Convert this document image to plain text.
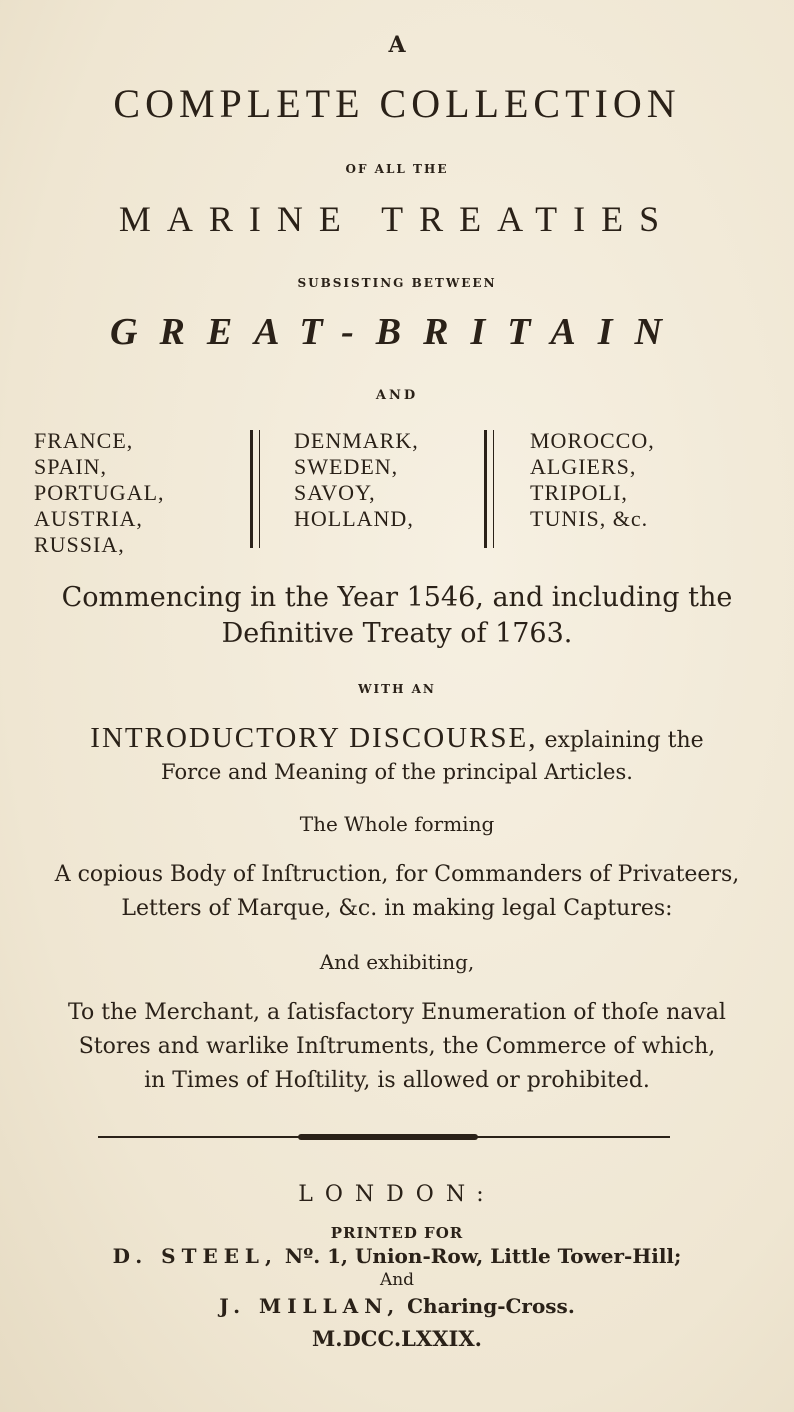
A
COMPLETE COLLECTION
OF ALL THE
MARINE TREATIES
SUBSISTING BETWEEN
GREAT-BRITAIN
AND
FRANCE,
SPAIN,
PORTUGAL,
AUSTRIA,
RUSSIA,
DENMARK,
SWEDEN,
SAVOY,
HOLLAND,
MOROCCO,
ALGIERS,
TRIPOLI,
TUNIS, &c.
Commencing in the Year 1546, and including the
Definitive Treaty of 1763.
WITH AN
INTRODUCTORY DISCOURSE, explaining the
Force and Meaning of the principal Articles.
The Whole forming
A copious Body of Inſtruction, for Commanders of Privateers,
Letters of Marque, &c. in making legal Captures:
And exhibiting,
To the Merchant, a ſatisfactory Enumeration of thoſe naval
Stores and warlike Inſtruments, the Commerce of which,
in Times of Hoſtility, is allowed or prohibited.
LONDON:
PRINTED FOR
D. STEEL, Nº. 1, Union-Row, Little Tower-Hill;
And
J. MILLAN, Charing-Cross.
M.DCC.LXXIX.
